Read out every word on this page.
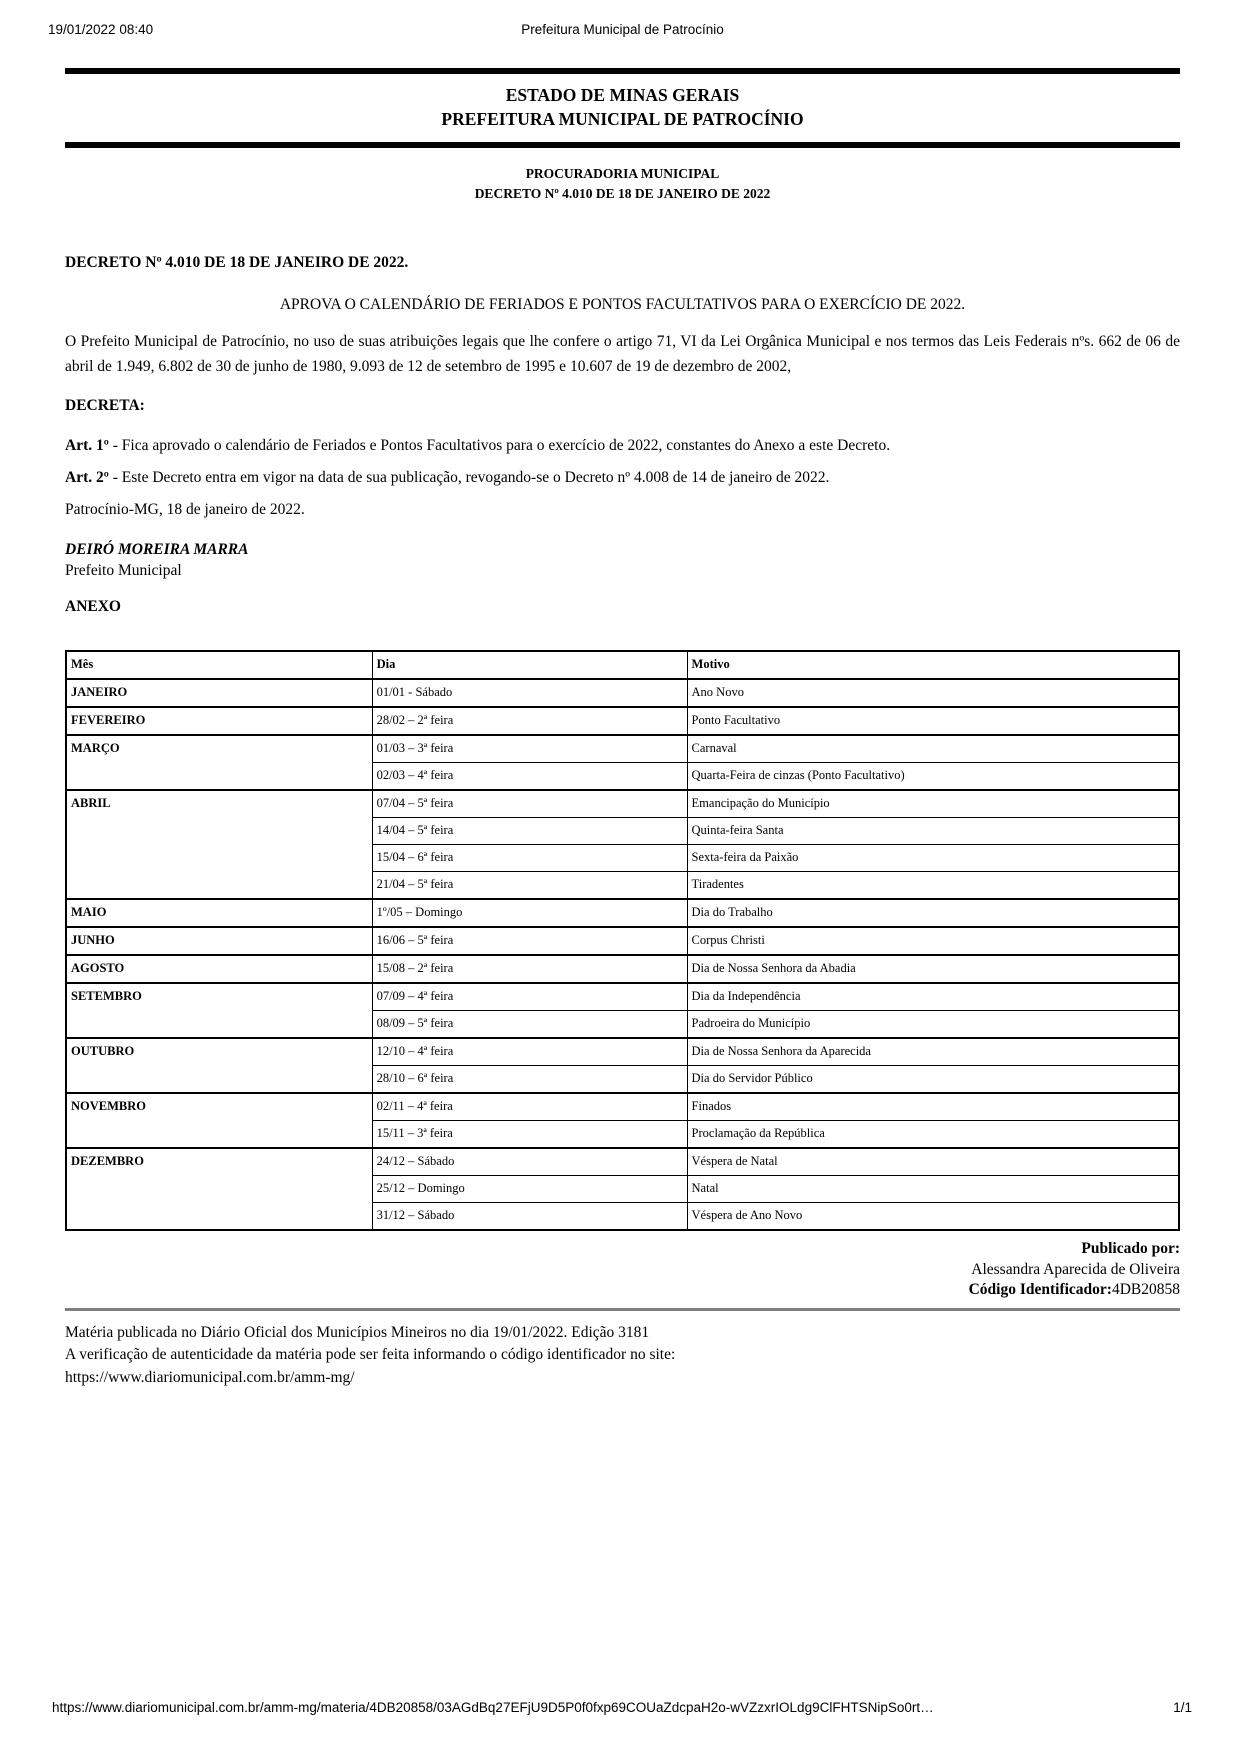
19/01/2022 08:40	Prefeitura Municipal de Patrocínio
ESTADO DE MINAS GERAIS
PREFEITURA MUNICIPAL DE PATROCÍNIO
PROCURADORIA MUNICIPAL
DECRETO Nº 4.010 DE 18 DE JANEIRO DE 2022

DECRETO Nº 4.010 DE 18 DE JANEIRO DE 2022.

APROVA O CALENDÁRIO DE FERIADOS E PONTOS FACULTATIVOS PARA O EXERCÍCIO DE 2022.

O Prefeito Municipal de Patrocínio, no uso de suas atribuições legais que lhe confere o artigo 71, VI da Lei Orgânica Municipal e nos termos das Leis Federais nºs. 662 de 06 de abril de 1.949, 6.802 de 30 de junho de 1980, 9.093 de 12 de setembro de 1995 e 10.607 de 19 de dezembro de 2002,

DECRETA:

Art. 1º - Fica aprovado o calendário de Feriados e Pontos Facultativos para o exercício de 2022, constantes do Anexo a este Decreto.

Art. 2º - Este Decreto entra em vigor na data de sua publicação, revogando-se o Decreto nº 4.008 de 14 de janeiro de 2022.

Patrocínio-MG, 18 de janeiro de 2022.

DEIRÓ MOREIRA MARRA

Prefeito Municipal

ANEXO

Mês	Dia	Motivo
JANEIRO	01/01 - Sábado	Ano Novo
FEVEREIRO	28/02 – 2ª feira	Ponto Facultativo
MARÇO	01/03 – 3ª feira	Carnaval
	02/03 – 4ª feira	Quarta-Feira de cinzas (Ponto Facultativo)
ABRIL	07/04 – 5ª feira	Emancipação do Município
	14/04 – 5ª feira	Quinta-feira Santa
	15/04 – 6ª feira	Sexta-feira da Paixão
	21/04 – 5ª feira	Tiradentes
MAIO	1º/05 – Domingo	Dia do Trabalho
JUNHO	16/06 – 5ª feira	Corpus Christi
AGOSTO	15/08 – 2ª feira	Dia de Nossa Senhora da Abadia
SETEMBRO	07/09 – 4ª feira	Dia da Independência
	08/09 – 5ª feira	Padroeira do Município
OUTUBRO	12/10 – 4ª feira	Dia de Nossa Senhora da Aparecida
	28/10 – 6ª feira	Dia do Servidor Público
NOVEMBRO	02/11 – 4ª feira	Finados
	15/11 – 3ª feira	Proclamação da República
DEZEMBRO	24/12 – Sábado	Véspera de Natal
	25/12 – Domingo	Natal
	31/12 – Sábado	Véspera de Ano Novo
Publicado por:
Alessandra Aparecida de Oliveira
Código Identificador:4DB20858
Matéria publicada no Diário Oficial dos Municípios Mineiros no dia 19/01/2022. Edição 3181
A verificação de autenticidade da matéria pode ser feita informando o código identificador no site:
https://www.diariomunicipal.com.br/amm-mg/
https://www.diariomunicipal.com.br/amm-mg/materia/4DB20858/03AGdBq27EFjU9D5P0f0fxp69COUaZdcpaH2o-wVZzxrIOLdg9ClFHTSNipSo0rt…	1/1
